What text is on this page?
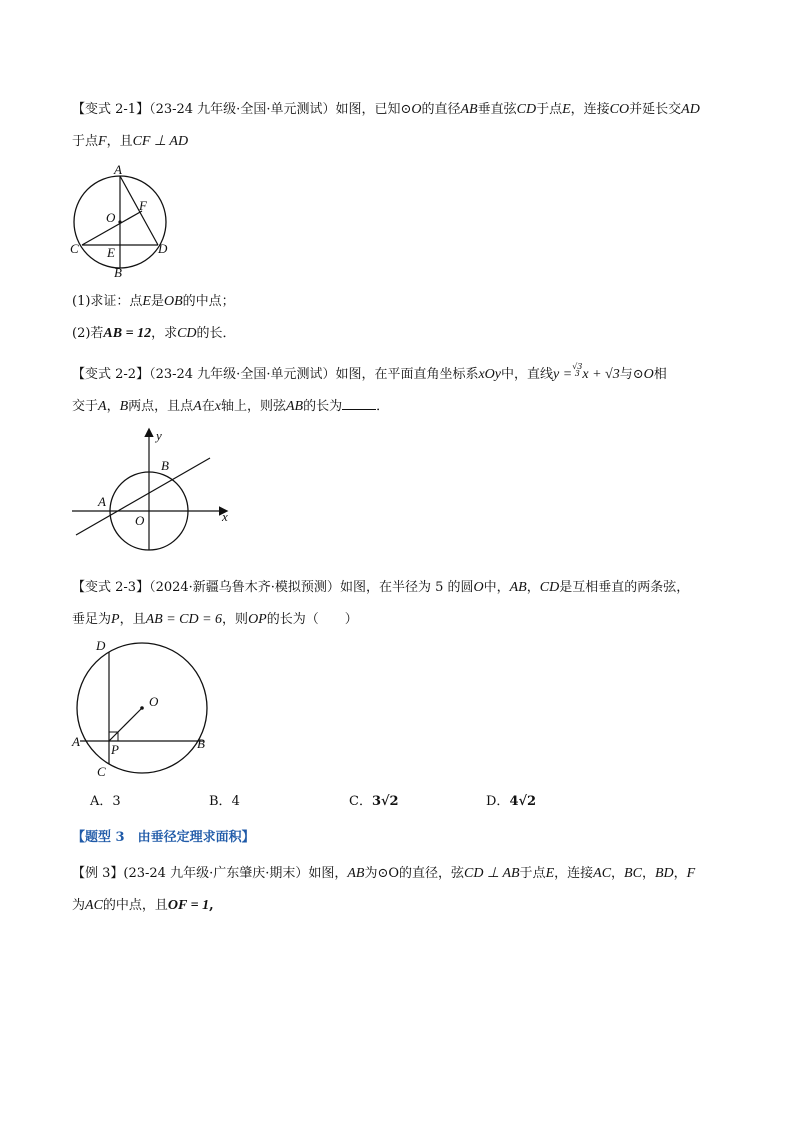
【变式 2-1】（23-24 九年级·全国·单元测试）如图，已知⊙O的直径AB垂直弦CD于点E，连接CO并延长交AD
于点F，且CF ⊥ AD
A
O
F
C E	D
B
(1)求证：点E是OB的中点；
(2)若AB = 12，求CD的长．
【变式 2-2】（23-24 九年级·全国·单元测试）如图，在平面直角坐标系xOy中，直线y =√3
3 x + √3与⊙O相
交于A，B两点，且点A在x轴上，则弦AB的长为	．
y
B
A
O	x
【变式 2-3】（2024·新疆乌鲁木齐·模拟预测）如图，在半径为 5 的圆O中，AB，CD是互相垂直的两条弦，
垂足为P，且AB = CD = 6，则OP的长为（　　）
D
O
A
P	B
C
A．3	B．4	C．3√2	D．4√2
【题型 3　由垂径定理求面积】
【例 3】(23-24 九年级·广东肇庆·期末）如图，AB为⊙O的直径，弦CD ⊥ AB于点E，连接AC，BC，BD，F
为AC的中点，且OF = 1,
